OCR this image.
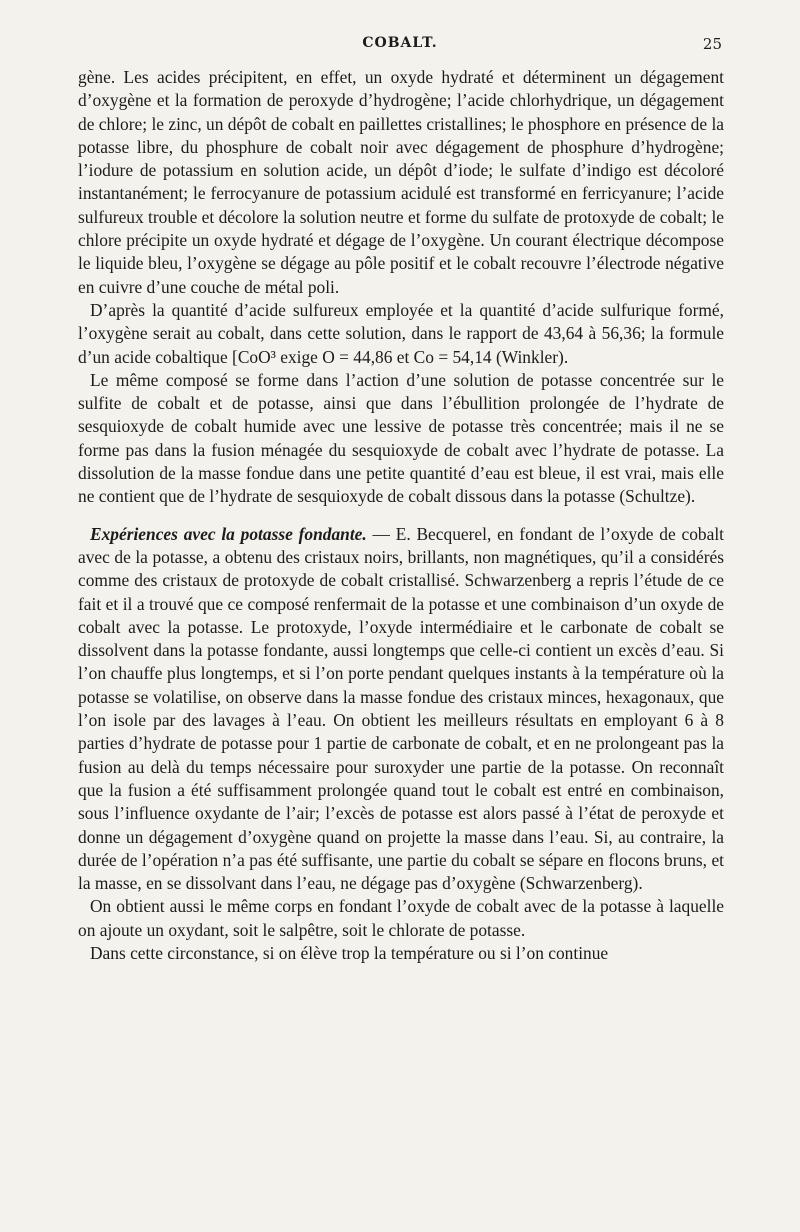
COBALT.	25

gène. Les acides précipitent, en effet, un oxyde hydraté et déterminent un dégagement d’oxygène et la formation de peroxyde d’hydrogène; l’acide chlorhydrique, un dégagement de chlore; le zinc, un dépôt de cobalt en paillettes cristallines; le phosphore en présence de la potasse libre, du phosphure de cobalt noir avec dégagement de phosphure d’hydrogène; l’iodure de potassium en solution acide, un dépôt d’iode; le sulfate d’indigo est décoloré instantanément; le ferrocyanure de potassium acidulé est transformé en ferricyanure; l’acide sulfureux trouble et décolore la solution neutre et forme du sulfate de protoxyde de cobalt; le chlore précipite un oxyde hydraté et dégage de l’oxygène. Un courant électrique décompose le liquide bleu, l’oxygène se dégage au pôle positif et le cobalt recouvre l’électrode négative en cuivre d’une couche de métal poli.

D’après la quantité d’acide sulfureux employée et la quantité d’acide sulfurique formé, l’oxygène serait au cobalt, dans cette solution, dans le rapport de 43,64 à 56,36; la formule d’un acide cobaltique [CoO³ exige O = 44,86 et Co = 54,14 (Winkler).

Le même composé se forme dans l’action d’une solution de potasse concentrée sur le sulfite de cobalt et de potasse, ainsi que dans l’ébullition prolongée de l’hydrate de sesquioxyde de cobalt humide avec une lessive de potasse très concentrée; mais il ne se forme pas dans la fusion ménagée du sesquioxyde de cobalt avec l’hydrate de potasse. La dissolution de la masse fondue dans une petite quantité d’eau est bleue, il est vrai, mais elle ne contient que de l’hydrate de sesquioxyde de cobalt dissous dans la potasse (Schultze).

Expériences avec la potasse fondante. — E. Becquerel, en fondant de l’oxyde de cobalt avec de la potasse, a obtenu des cristaux noirs, brillants, non magnétiques, qu’il a considérés comme des cristaux de protoxyde de cobalt cristallisé. Schwarzenberg a repris l’étude de ce fait et il a trouvé que ce composé renfermait de la potasse et une combinaison d’un oxyde de cobalt avec la potasse. Le protoxyde, l’oxyde intermédiaire et le carbonate de cobalt se dissolvent dans la potasse fondante, aussi longtemps que celle-ci contient un excès d’eau. Si l’on chauffe plus longtemps, et si l’on porte pendant quelques instants à la température où la potasse se volatilise, on observe dans la masse fondue des cristaux minces, hexagonaux, que l’on isole par des lavages à l’eau. On obtient les meilleurs résultats en employant 6 à 8 parties d’hydrate de potasse pour 1 partie de carbonate de cobalt, et en ne prolongeant pas la fusion au delà du temps nécessaire pour suroxyder une partie de la potasse. On reconnaît que la fusion a été suffisamment prolongée quand tout le cobalt est entré en combinaison, sous l’influence oxydante de l’air; l’excès de potasse est alors passé à l’état de peroxyde et donne un dégagement d’oxygène quand on projette la masse dans l’eau. Si, au contraire, la durée de l’opération n’a pas été suffisante, une partie du cobalt se sépare en flocons bruns, et la masse, en se dissolvant dans l’eau, ne dégage pas d’oxygène (Schwarzenberg).

On obtient aussi le même corps en fondant l’oxyde de cobalt avec de la potasse à laquelle on ajoute un oxydant, soit le salpêtre, soit le chlorate de potasse.

Dans cette circonstance, si on élève trop la température ou si l’on continue
